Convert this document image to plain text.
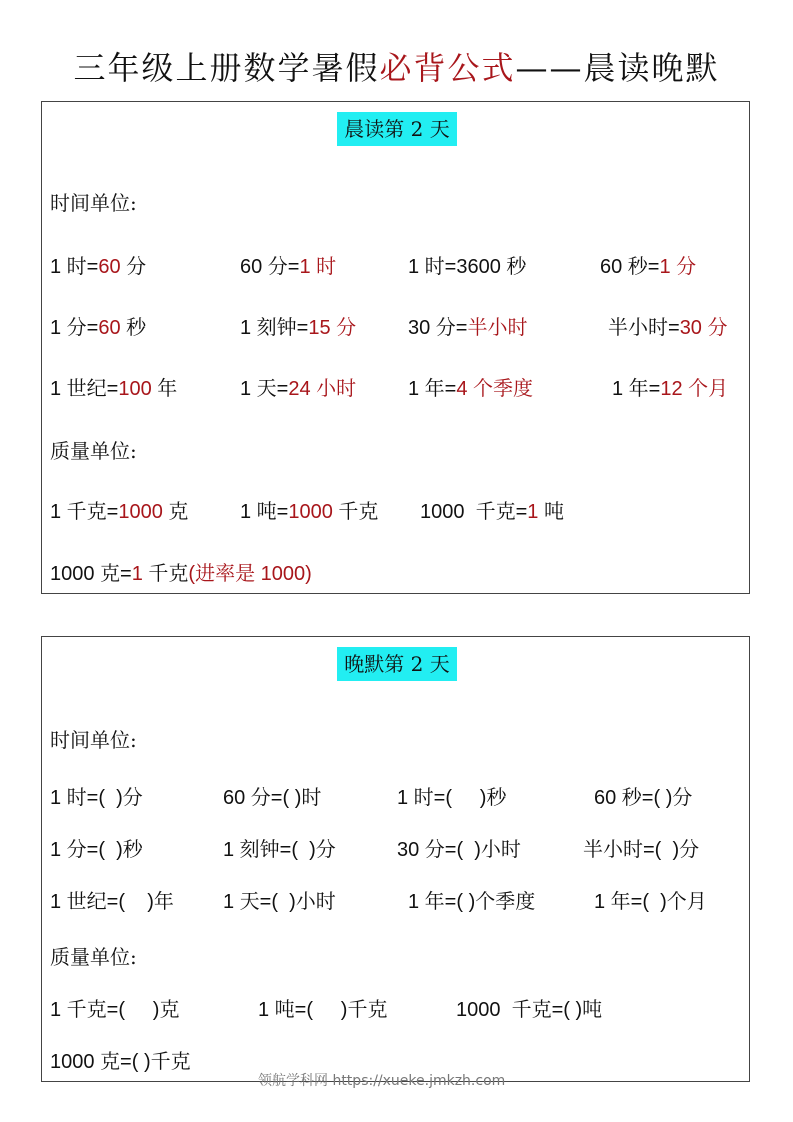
三年级上册数学暑假必背公式——晨读晚默
晨读第 2 天
时间单位:
1 时=60 分	60 分=1 时	1 时=3600 秒	60 秒=1 分
1 分=60 秒	1 刻钟=15 分	30 分=半小时	半小时=30 分
1 世纪=100 年	1 天=24 小时	1 年=4 个季度	1 年=12 个月
质量单位:
1 千克=1000 克	1 吨=1000 千克 1000  千克=1 吨
1000 克=1 千克(进率是 1000)
晚默第 2 天
时间单位:
1 时=(  )分	60 分=( )时	1 时=(     )秒	60 秒=( )分
1 分=(  )秒	1 刻钟=(  )分	30 分=(  )小时	半小时=(  )分
1 世纪=(    )年 1 天=(  )小时	1 年=( )个季度	1 年=(  )个月
质量单位:
1 千克=(     )克	1 吨=(     )千克	1000  千克=( )吨
1000 克=( )千克
领航学科网 https://xueke.jmkzh.com
